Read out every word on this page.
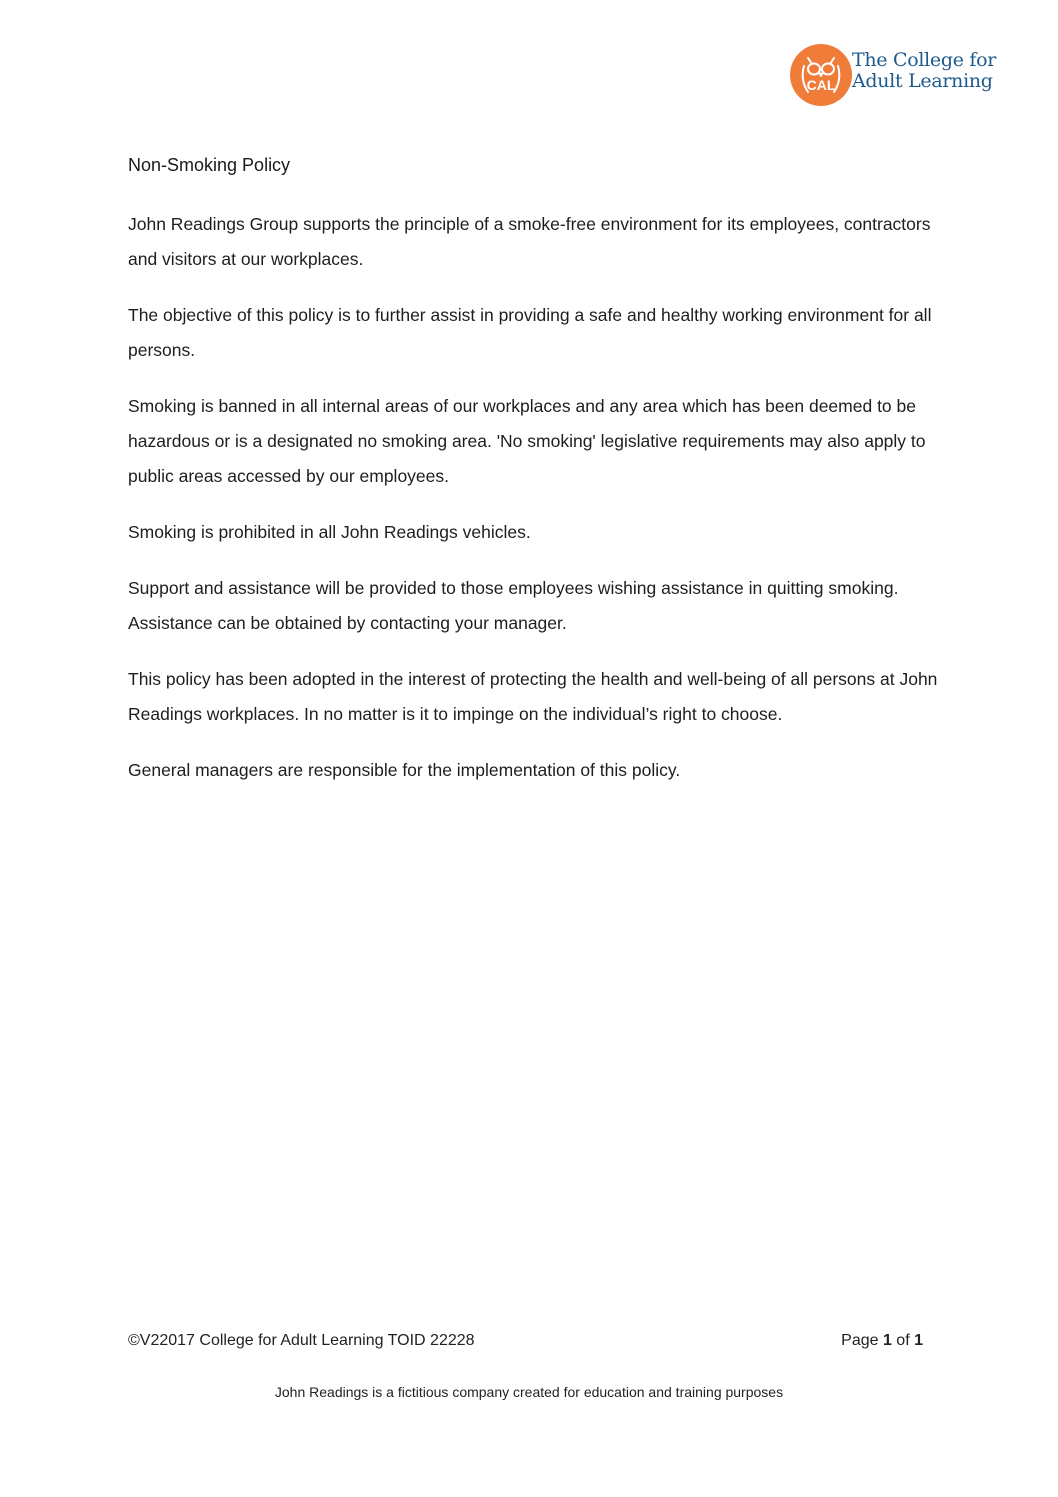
CAL
The College for
Adult Learning
Non-Smoking Policy

John Readings Group supports the principle of a smoke-free environment for its employees, contractors and visitors at our workplaces.

The objective of this policy is to further assist in providing a safe and healthy working environment for all persons.

Smoking is banned in all internal areas of our workplaces and any area which has been deemed to be hazardous or is a designated no smoking area. 'No smoking' legislative requirements may also apply to public areas accessed by our employees.

Smoking is prohibited in all John Readings vehicles.

Support and assistance will be provided to those employees wishing assistance in quitting smoking. Assistance can be obtained by contacting your manager.

This policy has been adopted in the interest of protecting the health and well-being of all persons at John Readings workplaces. In no matter is it to impinge on the individual’s right to choose.

General managers are responsible for the implementation of this policy.

©V22017 College for Adult Learning TOID 22228	Page 1 of 1
John Readings is a fictitious company created for education and training purposes
